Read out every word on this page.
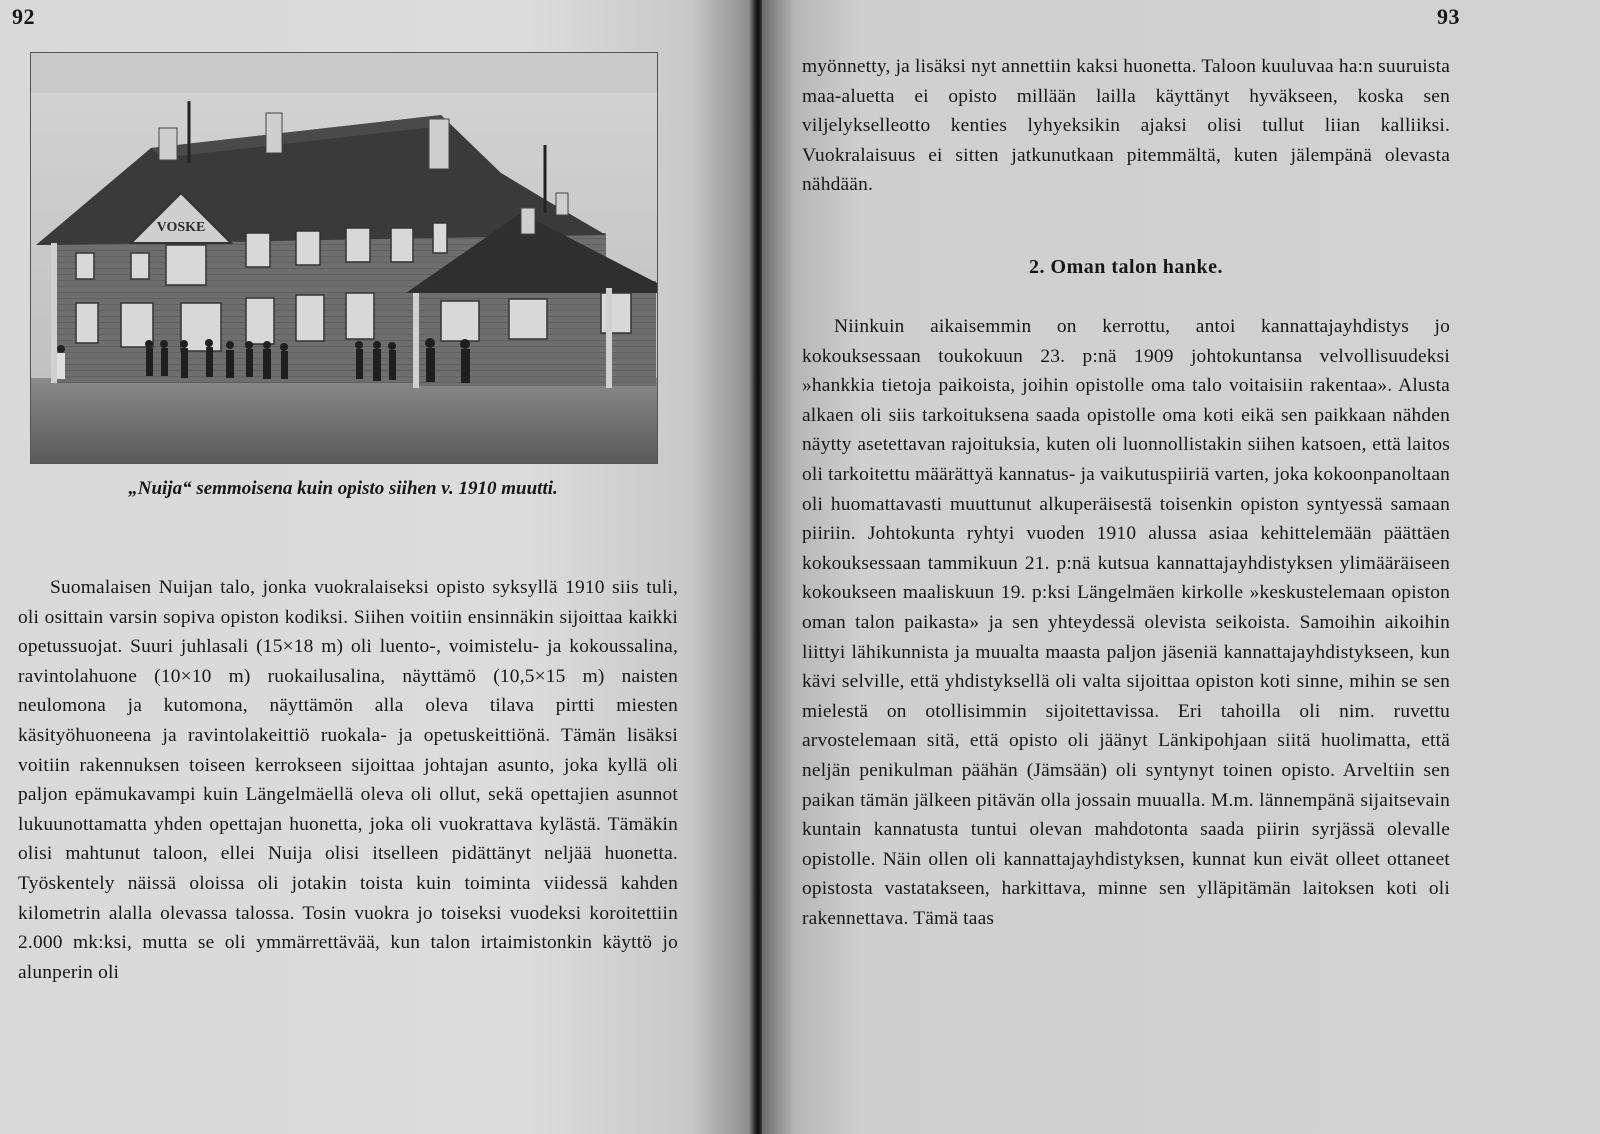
92
VOSKE
„Nuija“ semmoisena kuin opisto siihen v. 1910 muutti.

Suomalaisen Nuijan talo, jonka vuokralaiseksi opisto syksyllä 1910 siis tuli, oli osittain varsin sopiva opiston kodiksi. Siihen voitiin ensinnäkin sijoittaa kaikki opetussuojat. Suuri juhlasali (15×18 m) oli luento-, voimistelu- ja kokoussalina, ravintolahuone (10×10 m) ruokailusalina, näyttämö (10,5×15 m) naisten neulomona ja kutomona, näyttämön alla oleva tilava pirtti miesten käsityöhuoneena ja ravintolakeittiö ruokala- ja opetuskeittiönä. Tämän lisäksi voitiin rakennuksen toiseen kerrokseen sijoittaa johtajan asunto, joka kyllä oli paljon epämukavampi kuin Längelmäellä oleva oli ollut, sekä opettajien asunnot lukuunottamatta yhden opettajan huonetta, joka oli vuokrattava kylästä. Tämäkin olisi mahtunut taloon, ellei Nuija olisi itselleen pidättänyt neljää huonetta. Työskentely näissä oloissa oli jotakin toista kuin toiminta viidessä kahden kilometrin alalla olevassa talossa. Tosin vuokra jo toiseksi vuodeksi koroitettiin 2.000 mk:ksi, mutta se oli ymmärrettävää, kun talon irtaimistonkin käyttö jo alunperin oli

93

myönnetty, ja lisäksi nyt annettiin kaksi huonetta. Taloon kuuluvaa ha:n suuruista maa-aluetta ei opisto millään lailla käyttänyt hyväkseen, koska sen viljelykselleotto kenties lyhyeksikin ajaksi olisi tullut liian kalliiksi. Vuokralaisuus ei sitten jatkunutkaan pitemmältä, kuten jälempänä olevasta nähdään.

2. Oman talon hanke.

Niinkuin aikaisemmin on kerrottu, antoi kannattajayhdistys jo kokouksessaan toukokuun 23. p:nä 1909 johtokuntansa velvollisuudeksi »hankkia tietoja paikoista, joihin opistolle oma talo voitaisiin rakentaa». Alusta alkaen oli siis tarkoituksena saada opistolle oma koti eikä sen paikkaan nähden näytty asetettavan rajoituksia, kuten oli luonnollistakin siihen katsoen, että laitos oli tarkoitettu määrättyä kannatus- ja vaikutuspiiriä varten, joka kokoonpanoltaan oli huomattavasti muuttunut alkuperäisestä toisenkin opiston syntyessä samaan piiriin. Johtokunta ryhtyi vuoden 1910 alussa asiaa kehittelemään päättäen kokouksessaan tammikuun 21. p:nä kutsua kannattajayhdistyksen ylimääräiseen kokoukseen maaliskuun 19. p:ksi Längelmäen kirkolle »keskustelemaan opiston oman talon paikasta» ja sen yhteydessä olevista seikoista. Samoihin aikoihin liittyi lähikunnista ja muualta maasta paljon jäseniä kannattajayhdistykseen, kun kävi selville, että yhdistyksellä oli valta sijoittaa opiston koti sinne, mihin se sen mielestä on otollisimmin sijoitettavissa. Eri tahoilla oli nim. ruvettu arvostelemaan sitä, että opisto oli jäänyt Länkipohjaan siitä huolimatta, että neljän penikulman päähän (Jämsään) oli syntynyt toinen opisto. Arveltiin sen paikan tämän jälkeen pitävän olla jossain muualla. M.m. lännempänä sijaitsevain kuntain kannatusta tuntui olevan mahdotonta saada piirin syrjässä olevalle opistolle. Näin ollen oli kannattajayhdistyksen, kunnat kun eivät olleet ottaneet opistosta vastatakseen, harkittava, minne sen ylläpitämän laitoksen koti oli rakennettava. Tämä taas
